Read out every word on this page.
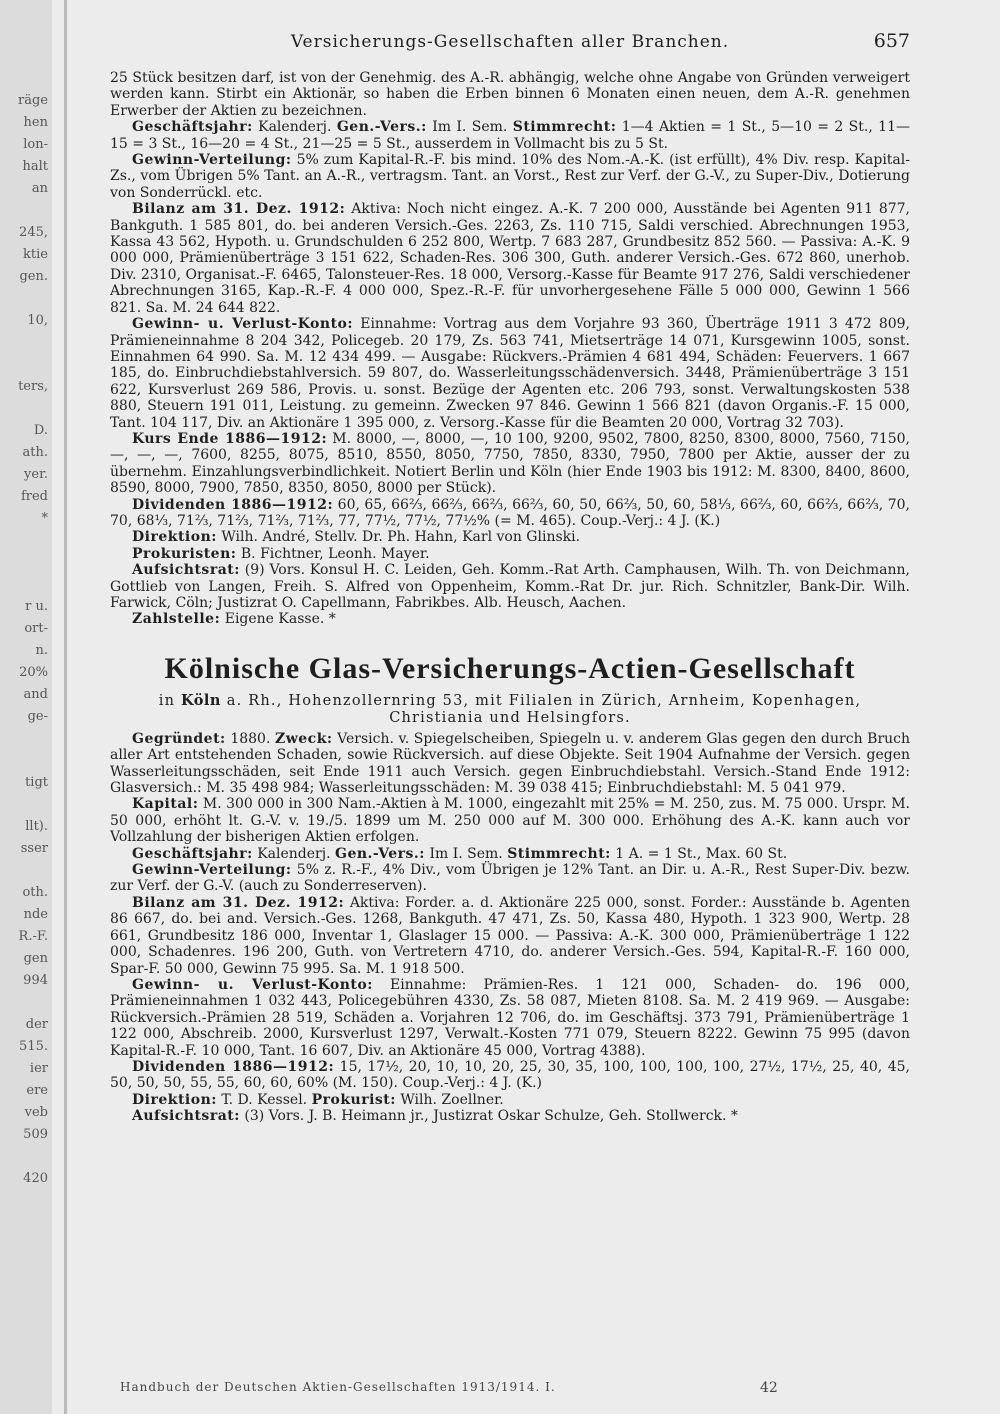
räge
hen
lon-
halt
an
245,
ktie
gen.
10,
ters,
D.
ath.
yer.
fred
*
r u.
ort-
n.
20%
and
ge-
tigt
llt).
sser
oth.
nde
R.-F.
gen
994
der
515.
ier
ere
veb
509
420
Versicherungs-Gesellschaften aller Branchen.	657

25 Stück besitzen darf, ist von der Genehmig. des A.-R. abhängig, welche ohne Angabe von Gründen verweigert werden kann. Stirbt ein Aktionär, so haben die Erben binnen 6 Monaten einen neuen, dem A.-R. genehmen Erwerber der Aktien zu bezeichnen.

Geschäftsjahr: Kalenderj. Gen.-Vers.: Im I. Sem. Stimmrecht: 1—4 Aktien = 1 St., 5—10 = 2 St., 11—15 = 3 St., 16—20 = 4 St., 21—25 = 5 St., ausserdem in Vollmacht bis zu 5 St.

Gewinn-Verteilung: 5% zum Kapital-R.-F. bis mind. 10% des Nom.-A.-K. (ist erfüllt), 4% Div. resp. Kapital-Zs., vom Übrigen 5% Tant. an A.-R., vertragsm. Tant. an Vorst., Rest zur Verf. der G.-V., zu Super-Div., Dotierung von Sonderrückl. etc.

Bilanz am 31. Dez. 1912: Aktiva: Noch nicht eingez. A.-K. 7 200 000, Ausstände bei Agenten 911 877, Bankguth. 1 585 801, do. bei anderen Versich.-Ges. 2263, Zs. 110 715, Saldi verschied. Abrechnungen 1953, Kassa 43 562, Hypoth. u. Grundschulden 6 252 800, Wertp. 7 683 287, Grundbesitz 852 560. — Passiva: A.-K. 9 000 000, Prämienüberträge 3 151 622, Schaden-Res. 306 300, Guth. anderer Versich.-Ges. 672 860, unerhob. Div. 2310, Organisat.-F. 6465, Talonsteuer-Res. 18 000, Versorg.-Kasse für Beamte 917 276, Saldi verschiedener Abrechnungen 3165, Kap.-R.-F. 4 000 000, Spez.-R.-F. für unvorhergesehene Fälle 5 000 000, Gewinn 1 566 821. Sa. M. 24 644 822.

Gewinn- u. Verlust-Konto: Einnahme: Vortrag aus dem Vorjahre 93 360, Überträge 1911 3 472 809, Prämieneinnahme 8 204 342, Policegeb. 20 179, Zs. 563 741, Mietserträge 14 071, Kursgewinn 1005, sonst. Einnahmen 64 990. Sa. M. 12 434 499. — Ausgabe: Rückvers.-Prämien 4 681 494, Schäden: Feuervers. 1 667 185, do. Einbruchdiebstahlversich. 59 807, do. Wasserleitungsschädenversich. 3448, Prämienüberträge 3 151 622, Kursverlust 269 586, Provis. u. sonst. Bezüge der Agenten etc. 206 793, sonst. Verwaltungskosten 538 880, Steuern 191 011, Leistung. zu gemeinn. Zwecken 97 846. Gewinn 1 566 821 (davon Organis.-F. 15 000, Tant. 104 117, Div. an Aktionäre 1 395 000, z. Versorg.-Kasse für die Beamten 20 000, Vortrag 32 703).

Kurs Ende 1886—1912: M. 8000, —, 8000, —, 10 100, 9200, 9502, 7800, 8250, 8300, 8000, 7560, 7150, —, —, —, 7600, 8255, 8075, 8510, 8550, 8050, 7750, 7850, 8330, 7950, 7800 per Aktie, ausser der zu übernehm. Einzahlungsverbindlichkeit. Notiert Berlin und Köln (hier Ende 1903 bis 1912: M. 8300, 8400, 8600, 8590, 8000, 7900, 7850, 8350, 8050, 8000 per Stück).

Dividenden 1886—1912: 60, 65, 66⅔, 66⅔, 66⅔, 66⅔, 60, 50, 66⅔, 50, 60, 58⅓, 66⅔, 60, 66⅔, 66⅔, 70, 70, 68⅓, 71⅔, 71⅔, 71⅔, 71⅔, 77, 77½, 77½, 77½% (= M. 465). Coup.-Verj.: 4 J. (K.)

Direktion: Wilh. André, Stellv. Dr. Ph. Hahn, Karl von Glinski.

Prokuristen: B. Fichtner, Leonh. Mayer.

Aufsichtsrat: (9) Vors. Konsul H. C. Leiden, Geh. Komm.-Rat Arth. Camphausen, Wilh. Th. von Deichmann, Gottlieb von Langen, Freih. S. Alfred von Oppenheim, Komm.-Rat Dr. jur. Rich. Schnitzler, Bank-Dir. Wilh. Farwick, Cöln; Justizrat O. Capellmann, Fabrikbes. Alb. Heusch, Aachen.

Zahlstelle: Eigene Kasse. *

Kölnische Glas-Versicherungs-Actien-Gesellschaft
in Köln a. Rh., Hohenzollernring 53, mit Filialen in Zürich, Arnheim, Kopenhagen, Christiania und Helsingfors.

Gegründet: 1880. Zweck: Versich. v. Spiegelscheiben, Spiegeln u. v. anderem Glas gegen den durch Bruch aller Art entstehenden Schaden, sowie Rückversich. auf diese Objekte. Seit 1904 Aufnahme der Versich. gegen Wasserleitungsschäden, seit Ende 1911 auch Versich. gegen Einbruchdiebstahl. Versich.-Stand Ende 1912: Glasversich.: M. 35 498 984; Wasserleitungsschäden: M. 39 038 415; Einbruchdiebstahl: M. 5 041 979.

Kapital: M. 300 000 in 300 Nam.-Aktien à M. 1000, eingezahlt mit 25% = M. 250, zus. M. 75 000. Urspr. M. 50 000, erhöht lt. G.-V. v. 19./5. 1899 um M. 250 000 auf M. 300 000. Erhöhung des A.-K. kann auch vor Vollzahlung der bisherigen Aktien erfolgen.

Geschäftsjahr: Kalenderj. Gen.-Vers.: Im I. Sem. Stimmrecht: 1 A. = 1 St., Max. 60 St.

Gewinn-Verteilung: 5% z. R.-F., 4% Div., vom Übrigen je 12% Tant. an Dir. u. A.-R., Rest Super-Div. bezw. zur Verf. der G.-V. (auch zu Sonderreserven).

Bilanz am 31. Dez. 1912: Aktiva: Forder. a. d. Aktionäre 225 000, sonst. Forder.: Ausstände b. Agenten 86 667, do. bei and. Versich.-Ges. 1268, Bankguth. 47 471, Zs. 50, Kassa 480, Hypoth. 1 323 900, Wertp. 28 661, Grundbesitz 186 000, Inventar 1, Glaslager 15 000. — Passiva: A.-K. 300 000, Prämienüberträge 1 122 000, Schadenres. 196 200, Guth. von Vertretern 4710, do. anderer Versich.-Ges. 594, Kapital-R.-F. 160 000, Spar-F. 50 000, Gewinn 75 995. Sa. M. 1 918 500.

Gewinn- u. Verlust-Konto: Einnahme: Prämien-Res. 1 121 000, Schaden- do. 196 000, Prämieneinnahmen 1 032 443, Policegebühren 4330, Zs. 58 087, Mieten 8108. Sa. M. 2 419 969. — Ausgabe: Rückversich.-Prämien 28 519, Schäden a. Vorjahren 12 706, do. im Geschäftsj. 373 791, Prämienüberträge 1 122 000, Abschreib. 2000, Kursverlust 1297, Verwalt.-Kosten 771 079, Steuern 8222. Gewinn 75 995 (davon Kapital-R.-F. 10 000, Tant. 16 607, Div. an Aktionäre 45 000, Vortrag 4388).

Dividenden 1886—1912: 15, 17½, 20, 10, 10, 20, 25, 30, 35, 100, 100, 100, 100, 27½, 17½, 25, 40, 45, 50, 50, 50, 55, 55, 60, 60, 60% (M. 150). Coup.-Verj.: 4 J. (K.)

Direktion: T. D. Kessel. Prokurist: Wilh. Zoellner.

Aufsichtsrat: (3) Vors. J. B. Heimann jr., Justizrat Oskar Schulze, Geh. Stollwerck. *

Handbuch der Deutschen Aktien-Gesellschaften 1913/1914. I.	42
